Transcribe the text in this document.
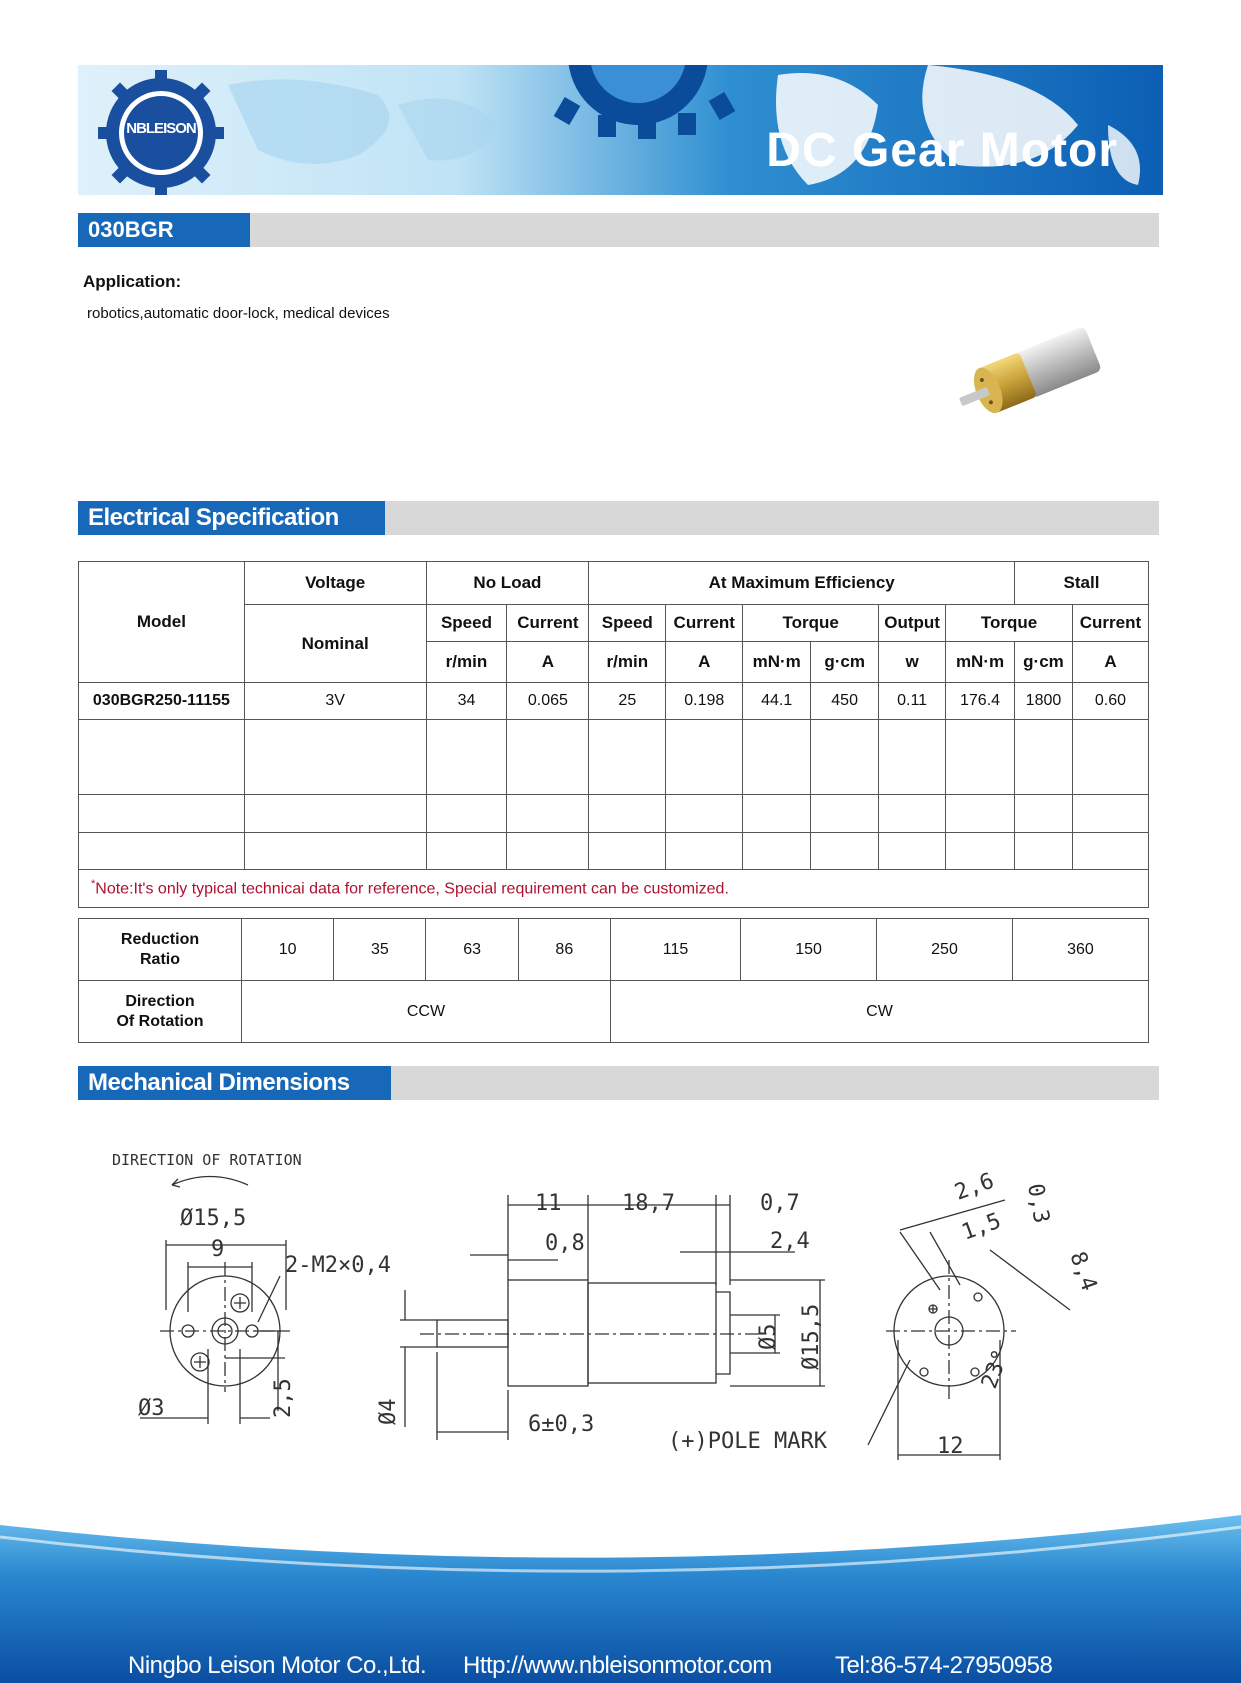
NBLEISON	DC Gear Motor
030BGR
Application:
robotics,automatic door-lock, medical devices
Electrical Specification
Model	Voltage	No Load		At Maximum Efficiency						Stall	
	Nominal	Speed	Current	Speed	Current	Torque		Output	Torque		Current
		r/min	A	r/min	A	mN·m	g·cm	w	mN·m	g·cm	A
030BGR250-11155	3V	34	0.065	25	0.198	44.1	450	0.11	176.4	1800	0.60

*Note:It's only typical technicai data for reference, Special requirement can be customized.											
Reduction
Ratio	10	35	63	86	115	150	250	360
Direction
Of Rotation	CCW				CW			
Mechanical Dimensions
DIRECTION OF ROTATION
Ø15,5
9
2-M2×0,4
Ø3	2,5
11	18,7	0,7
0,8	2,4
Ø4
Ø5 Ø15,5
6±0,3
12
2,6 0,3
1,5
8,4
23°
(+)POLE MARK
Ningbo Leison Motor Co.,Ltd. Http://www.nbleisonmotor.com	Tel:86-574-27950958
